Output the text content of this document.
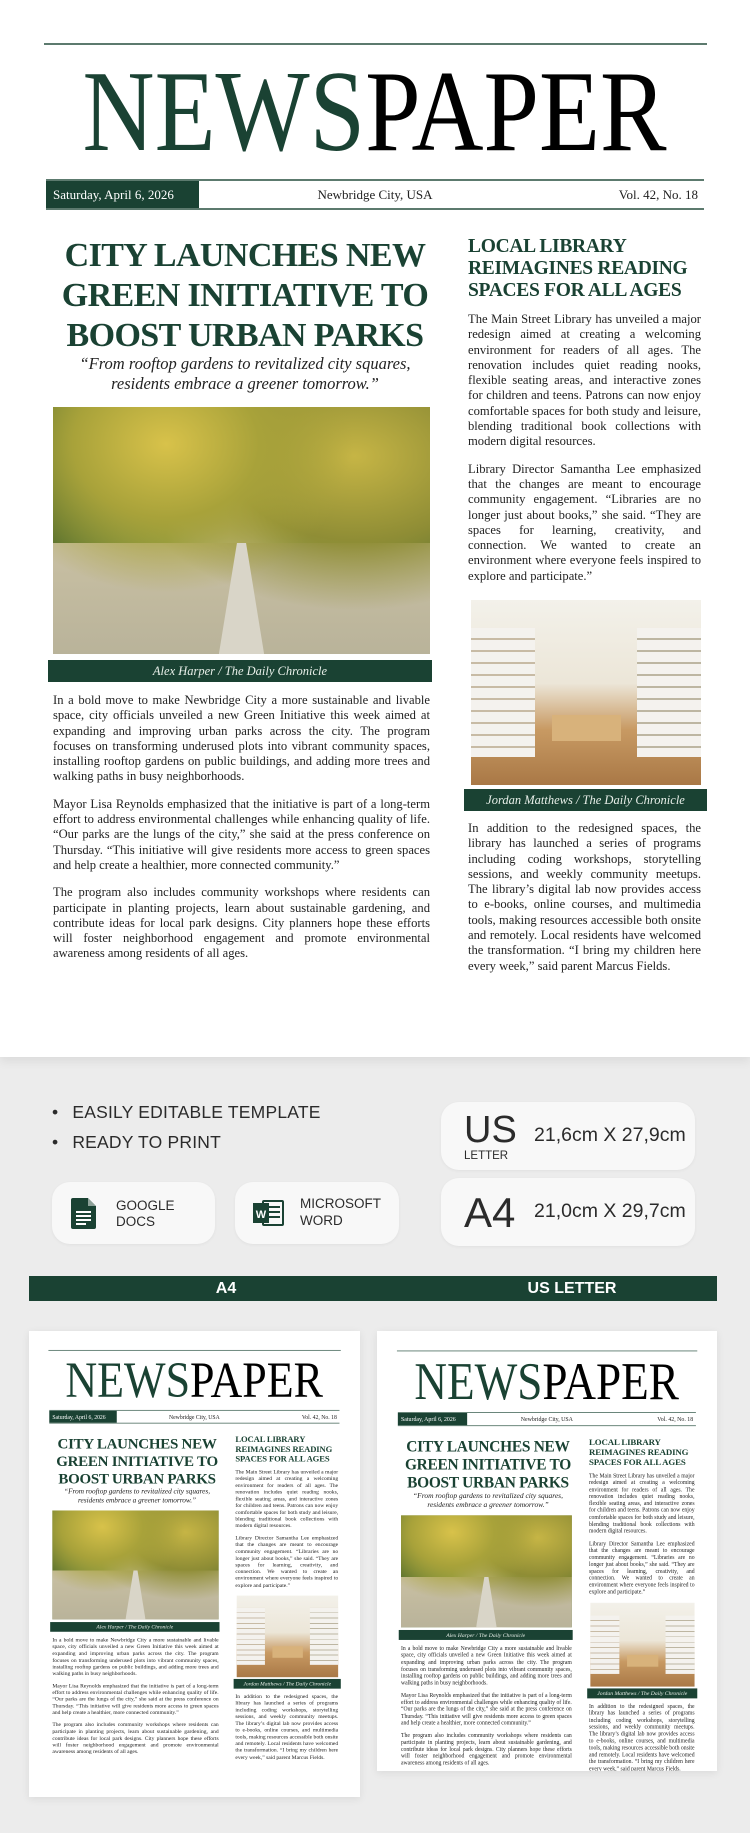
NEWSPAPER
Newbridge City, USA
Saturday, April 6, 2026	Vol. 42, No. 18
CITY LAUNCHES NEW GREEN INITIATIVE TO BOOST URBAN PARKS
“From rooftop gardens to revitalized city squares, residents embrace a greener tomorrow.”
Alex Harper / The Daily Chronicle

In a bold move to make Newbridge City a more sustainable and livable space, city officials unveiled a new Green Initiative this week aimed at expanding and improving urban parks across the city. The program focuses on transforming underused plots into vibrant community spaces, installing rooftop gardens on public buildings, and adding more trees and walking paths in busy neighborhoods.

Mayor Lisa Reynolds emphasized that the initiative is part of a long-term effort to address environmental challenges while enhancing quality of life. “Our parks are the lungs of the city,” she said at the press conference on Thursday. “This initiative will give residents more access to green spaces and help create a healthier, more connected community.”

The program also includes community workshops where residents can participate in planting projects, learn about sustainable gardening, and contribute ideas for local park designs. City planners hope these efforts will foster neighborhood engagement and promote environmental awareness among residents of all ages.

LOCAL LIBRARY REIMAGINES READING SPACES FOR ALL AGES

The Main Street Library has unveiled a major redesign aimed at creating a welcoming environment for readers of all ages. The renovation includes quiet reading nooks, flexible seating areas, and interactive zones for children and teens. Patrons can now enjoy comfortable spaces for both study and leisure, blending traditional book collections with modern digital resources.

Library Director Samantha Lee emphasized that the changes are meant to encourage community engagement. “Libraries are no longer just about books,” she said. “They are spaces for learning, creativity, and connection. We wanted to create an environment where everyone feels inspired to explore and participate.”

Jordan Matthews / The Daily Chronicle

In addition to the redesigned spaces, the library has launched a series of programs including coding workshops, storytelling sessions, and weekly community meetups. The library’s digital lab now provides access to e-books, online courses, and multimedia tools, making resources accessible both onsite and remotely. Local residents have welcomed the transformation. “I bring my children here every week,” said parent Marcus Fields.

• EASILY EDITABLE TEMPLATE
• READY TO PRINT
GOOGLE
DOCS	W
MICROSOFT
WORD
US
LETTER
21,6cm X 27,9cm
A4 21,0cm X 29,7cm
A4	US LETTER
NEWSPAPER
Newbridge City, USA
Saturday, April 6, 2026	Vol. 42, No. 18
CITY LAUNCHES NEW GREEN INITIATIVE TO BOOST URBAN PARKS
“From rooftop gardens to revitalized city squares, residents embrace a greener tomorrow.”
Alex Harper / The Daily Chronicle

In a bold move to make Newbridge City a more sustainable and livable space, city officials unveiled a new Green Initiative this week aimed at expanding and improving urban parks across the city. The program focuses on transforming underused plots into vibrant community spaces, installing rooftop gardens on public buildings, and adding more trees and walking paths in busy neighborhoods.

Mayor Lisa Reynolds emphasized that the initiative is part of a long-term effort to address environmental challenges while enhancing quality of life. “Our parks are the lungs of the city,” she said at the press conference on Thursday. “This initiative will give residents more access to green spaces and help create a healthier, more connected community.”

The program also includes community workshops where residents can participate in planting projects, learn about sustainable gardening, and contribute ideas for local park designs. City planners hope these efforts will foster neighborhood engagement and promote environmental awareness among residents of all ages.

LOCAL LIBRARY REIMAGINES READING SPACES FOR ALL AGES

The Main Street Library has unveiled a major redesign aimed at creating a welcoming environment for readers of all ages. The renovation includes quiet reading nooks, flexible seating areas, and interactive zones for children and teens. Patrons can now enjoy comfortable spaces for both study and leisure, blending traditional book collections with modern digital resources.

Library Director Samantha Lee emphasized that the changes are meant to encourage community engagement. “Libraries are no longer just about books,” she said. “They are spaces for learning, creativity, and connection. We wanted to create an environment where everyone feels inspired to explore and participate.”

Jordan Matthews / The Daily Chronicle

In addition to the redesigned spaces, the library has launched a series of programs including coding workshops, storytelling sessions, and weekly community meetups. The library’s digital lab now provides access to e-books, online courses, and multimedia tools, making resources accessible both onsite and remotely. Local residents have welcomed the transformation. “I bring my children here every week,” said parent Marcus Fields.

NEWSPAPER
Newbridge City, USA
Saturday, April 6, 2026	Vol. 42, No. 18
CITY LAUNCHES NEW GREEN INITIATIVE TO BOOST URBAN PARKS
“From rooftop gardens to revitalized city squares, residents embrace a greener tomorrow.”
Alex Harper / The Daily Chronicle

In a bold move to make Newbridge City a more sustainable and livable space, city officials unveiled a new Green Initiative this week aimed at expanding and improving urban parks across the city. The program focuses on transforming underused plots into vibrant community spaces, installing rooftop gardens on public buildings, and adding more trees and walking paths in busy neighborhoods.

Mayor Lisa Reynolds emphasized that the initiative is part of a long-term effort to address environmental challenges while enhancing quality of life. “Our parks are the lungs of the city,” she said at the press conference on Thursday. “This initiative will give residents more access to green spaces and help create a healthier, more connected community.”

The program also includes community workshops where residents can participate in planting projects, learn about sustainable gardening, and contribute ideas for local park designs. City planners hope these efforts will foster neighborhood engagement and promote environmental awareness among residents of all ages.

LOCAL LIBRARY REIMAGINES READING SPACES FOR ALL AGES

The Main Street Library has unveiled a major redesign aimed at creating a welcoming environment for readers of all ages. The renovation includes quiet reading nooks, flexible seating areas, and interactive zones for children and teens. Patrons can now enjoy comfortable spaces for both study and leisure, blending traditional book collections with modern digital resources.

Library Director Samantha Lee emphasized that the changes are meant to encourage community engagement. “Libraries are no longer just about books,” she said. “They are spaces for learning, creativity, and connection. We wanted to create an environment where everyone feels inspired to explore and participate.”

Jordan Matthews / The Daily Chronicle

In addition to the redesigned spaces, the library has launched a series of programs including coding workshops, storytelling sessions, and weekly community meetups. The library’s digital lab now provides access to e-books, online courses, and multimedia tools, making resources accessible both onsite and remotely. Local residents have welcomed the transformation. “I bring my children here every week,” said parent Marcus Fields.
